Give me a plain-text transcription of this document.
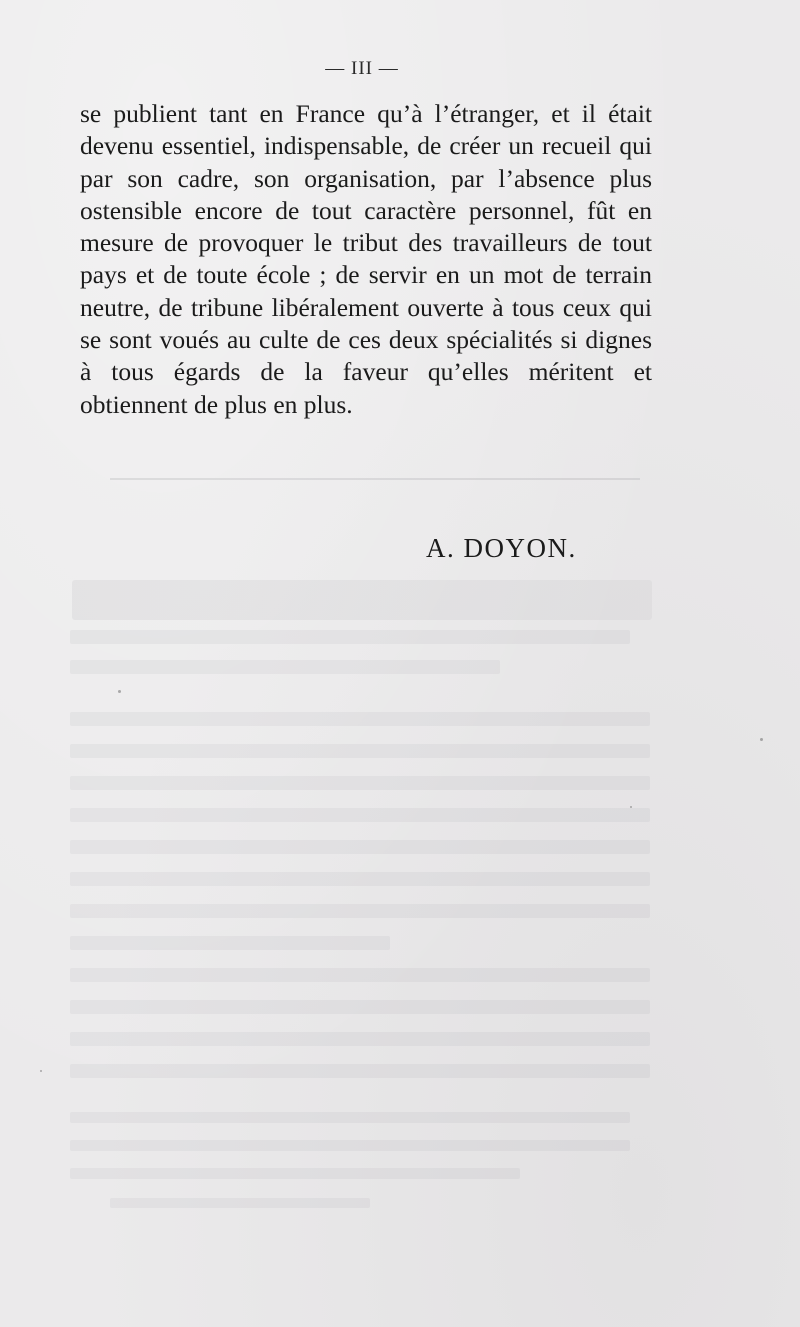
— III —

se publient tant en France qu’à l’étranger, et il était devenu essentiel, indispensable, de créer un recueil qui par son cadre, son organisation, par l’absence plus ostensible encore de tout caractère personnel, fût en mesure de provoquer le tribut des travailleurs de tout pays et de toute école ; de servir en un mot de terrain neutre, de tribune libéralement ouverte à tous ceux qui se sont voués au culte de ces deux spécialités si dignes à tous égards de la faveur qu’elles méritent et obtiennent de plus en plus.

A. DOYON.
